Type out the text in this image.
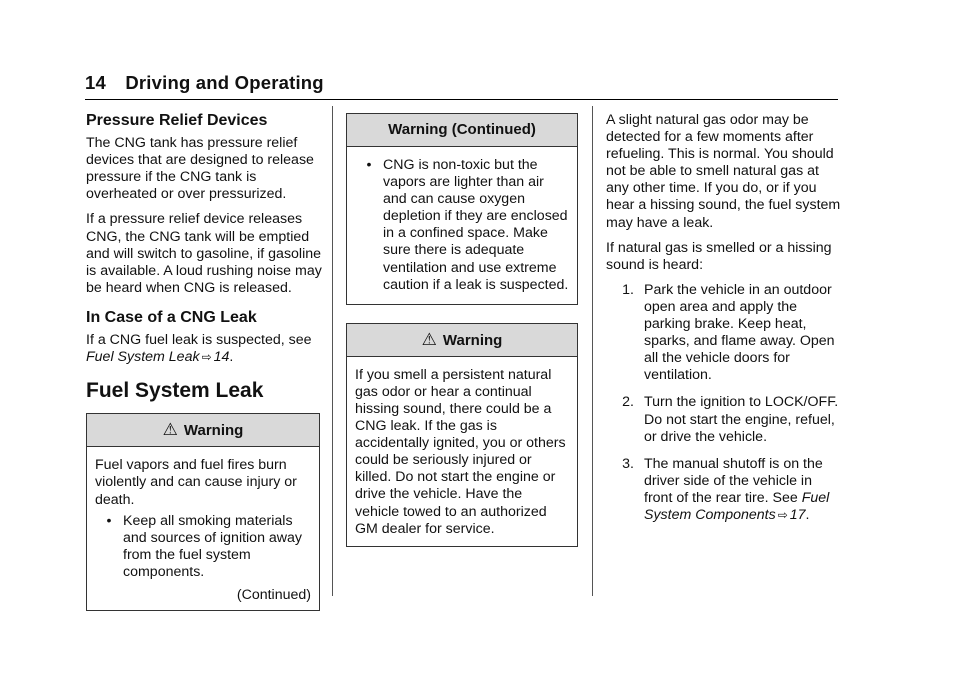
14 Driving and Operating
Pressure Relief Devices

The CNG tank has pressure relief devices that are designed to release pressure if the CNG tank is overheated or over pressurized.

If a pressure relief device releases CNG, the CNG tank will be emptied and will switch to gasoline, if gasoline is available. A loud rushing noise may be heard when CNG is released.

In Case of a CNG Leak

If a CNG fuel leak is suspected, see Fuel System Leak ⇨ 14.

Fuel System Leak
⚠ Warning
Fuel vapors and fuel fires burn violently and can cause injury or death.
• Keep all smoking materials and sources of ignition away from the fuel system components.
(Continued)
Warning (Continued)
• CNG is non-toxic but the vapors are lighter than air and can cause oxygen depletion if they are enclosed in a confined space. Make sure there is adequate ventilation and use extreme caution if a leak is suspected.
⚠ Warning
If you smell a persistent natural gas odor or hear a continual hissing sound, there could be a CNG leak. If the gas is accidentally ignited, you or others could be seriously injured or killed. Do not start the engine or drive the vehicle. Have the vehicle towed to an authorized GM dealer for service.

A slight natural gas odor may be detected for a few moments after refueling. This is normal. You should not be able to smell natural gas at any other time. If you do, or if you hear a hissing sound, the fuel system may have a leak.

If natural gas is smelled or a hissing sound is heard:

1. Park the vehicle in an outdoor open area and apply the parking brake. Keep heat, sparks, and flame away. Open all the vehicle doors for ventilation.
2. Turn the ignition to LOCK/OFF. Do not start the engine, refuel, or drive the vehicle.
3. The manual shutoff is on the driver side of the vehicle in front of the rear tire. See Fuel System Components ⇨ 17.
